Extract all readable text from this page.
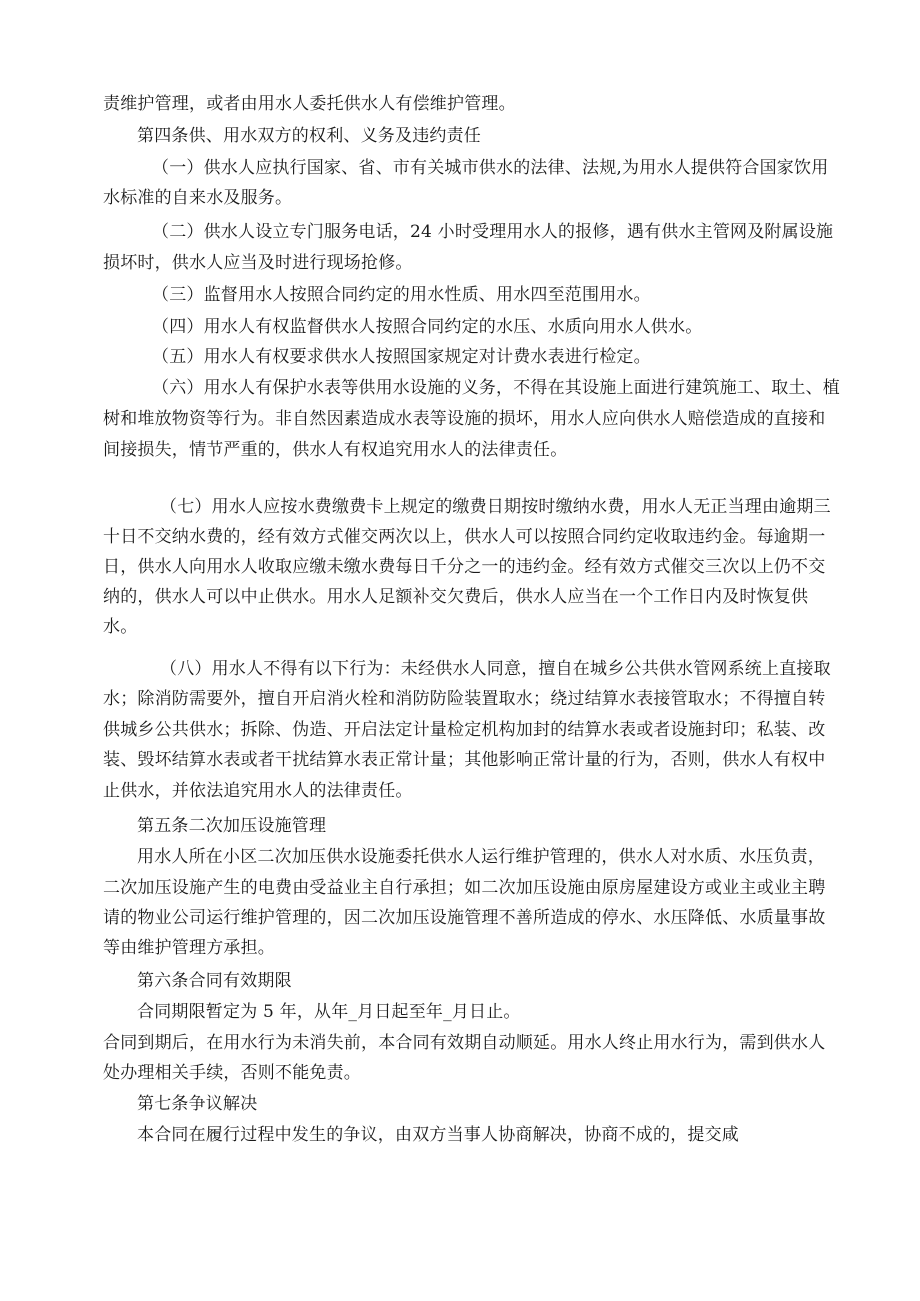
责维护管理，或者由用水人委托供水人有偿维护管理。
第四条供、用水双方的权利、义务及违约责任
（一）供水人应执行国家、省、市有关城市供水的法律、法规,为用水人提供符合国家饮用
水标准的自来水及服务。
（二）供水人设立专门服务电话，24 小时受理用水人的报修，遇有供水主管网及附属设施
损坏时，供水人应当及时进行现场抢修。
（三）监督用水人按照合同约定的用水性质、用水四至范围用水。
（四）用水人有权监督供水人按照合同约定的水压、水质向用水人供水。
（五）用水人有权要求供水人按照国家规定对计费水表进行检定。
（六）用水人有保护水表等供用水设施的义务，不得在其设施上面进行建筑施工、取土、植
树和堆放物资等行为。非自然因素造成水表等设施的损坏，用水人应向供水人赔偿造成的直接和
间接损失，情节严重的，供水人有权追究用水人的法律责任。
（七）用水人应按水费缴费卡上规定的缴费日期按时缴纳水费，用水人无正当理由逾期三
十日不交纳水费的，经有效方式催交两次以上，供水人可以按照合同约定收取违约金。每逾期一
日，供水人向用水人收取应缴未缴水费每日千分之一的违约金。经有效方式催交三次以上仍不交
纳的，供水人可以中止供水。用水人足额补交欠费后，供水人应当在一个工作日内及时恢复供
水。
（八）用水人不得有以下行为：未经供水人同意，擅自在城乡公共供水管网系统上直接取
水；除消防需要外，擅自开启消火栓和消防防险装置取水；绕过结算水表接管取水；不得擅自转
供城乡公共供水；拆除、伪造、开启法定计量检定机构加封的结算水表或者设施封印；私装、改
装、毁坏结算水表或者干扰结算水表正常计量；其他影响正常计量的行为，否则，供水人有权中
止供水，并依法追究用水人的法律责任。
第五条二次加压设施管理
用水人所在小区二次加压供水设施委托供水人运行维护管理的，供水人对水质、水压负责，
二次加压设施产生的电费由受益业主自行承担；如二次加压设施由原房屋建设方或业主或业主聘
请的物业公司运行维护管理的，因二次加压设施管理不善所造成的停水、水压降低、水质量事故
等由维护管理方承担。
第六条合同有效期限
合同期限暂定为 5 年，从年_月日起至年_月日止。
合同到期后，在用水行为未消失前，本合同有效期自动顺延。用水人终止用水行为，需到供水人
处办理相关手续，否则不能免责。
第七条争议解决
本合同在履行过程中发生的争议，由双方当事人协商解决，协商不成的，提交咸
